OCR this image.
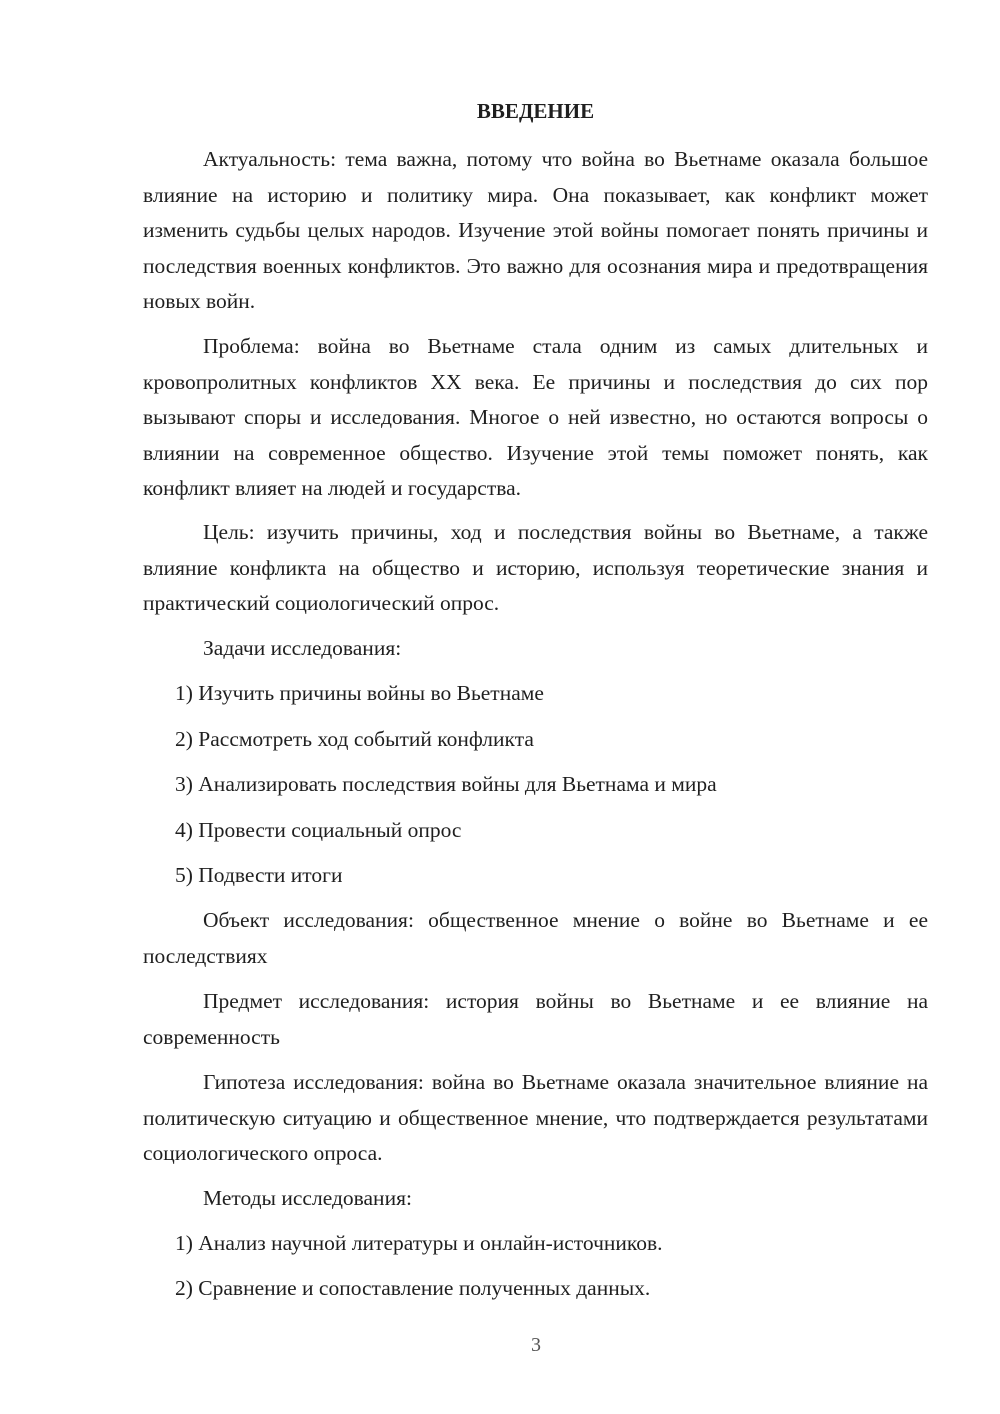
ВВЕДЕНИЕ

Актуальность: тема важна, потому что война во Вьетнаме оказала большое влияние на историю и политику мира. Она показывает, как конфликт может изменить судьбы целых народов. Изучение этой войны помогает понять причины и последствия военных конфликтов. Это важно для осознания мира и предотвращения новых войн.

Проблема: война во Вьетнаме стала одним из самых длительных и кровопролитных конфликтов XX века. Ее причины и последствия до сих пор вызывают споры и исследования. Многое о ней известно, но остаются вопросы о влиянии на современное общество. Изучение этой темы поможет понять, как конфликт влияет на людей и государства.

Цель: изучить причины, ход и последствия войны во Вьетнаме, а также влияние конфликта на общество и историю, используя теоретические знания и практический социологический опрос.

Задачи исследования:

1) Изучить причины войны во Вьетнаме

2) Рассмотреть ход событий конфликта

3) Анализировать последствия войны для Вьетнама и мира

4) Провести социальный опрос

5) Подвести итоги

Объект исследования: общественное мнение о войне во Вьетнаме и ее последствиях

Предмет исследования: история войны во Вьетнаме и ее влияние на современность

Гипотеза исследования: война во Вьетнаме оказала значительное влияние на политическую ситуацию и общественное мнение, что подтверждается результатами социологического опроса.

Методы исследования:

1) Анализ научной литературы и онлайн-источников.

2) Сравнение и сопоставление полученных данных.

3
